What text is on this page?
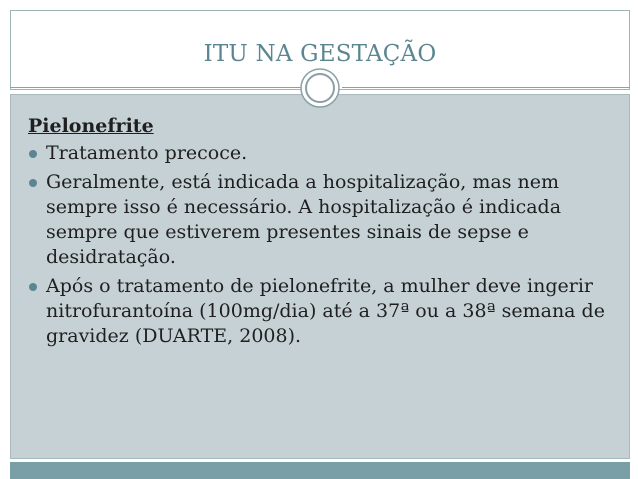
ITU NA GESTAÇÃO
Pielonefrite
Tratamento precoce.
Geralmente, está indicada a hospitalização, mas nem sempre isso é necessário. A hospitalização é indicada sempre que estiverem presentes sinais de sepse e desidratação.
Após o tratamento de pielonefrite, a mulher deve ingerir nitrofurantoína (100mg/dia) até a 37ª ou a 38ª semana de gravidez (DUARTE, 2008).
